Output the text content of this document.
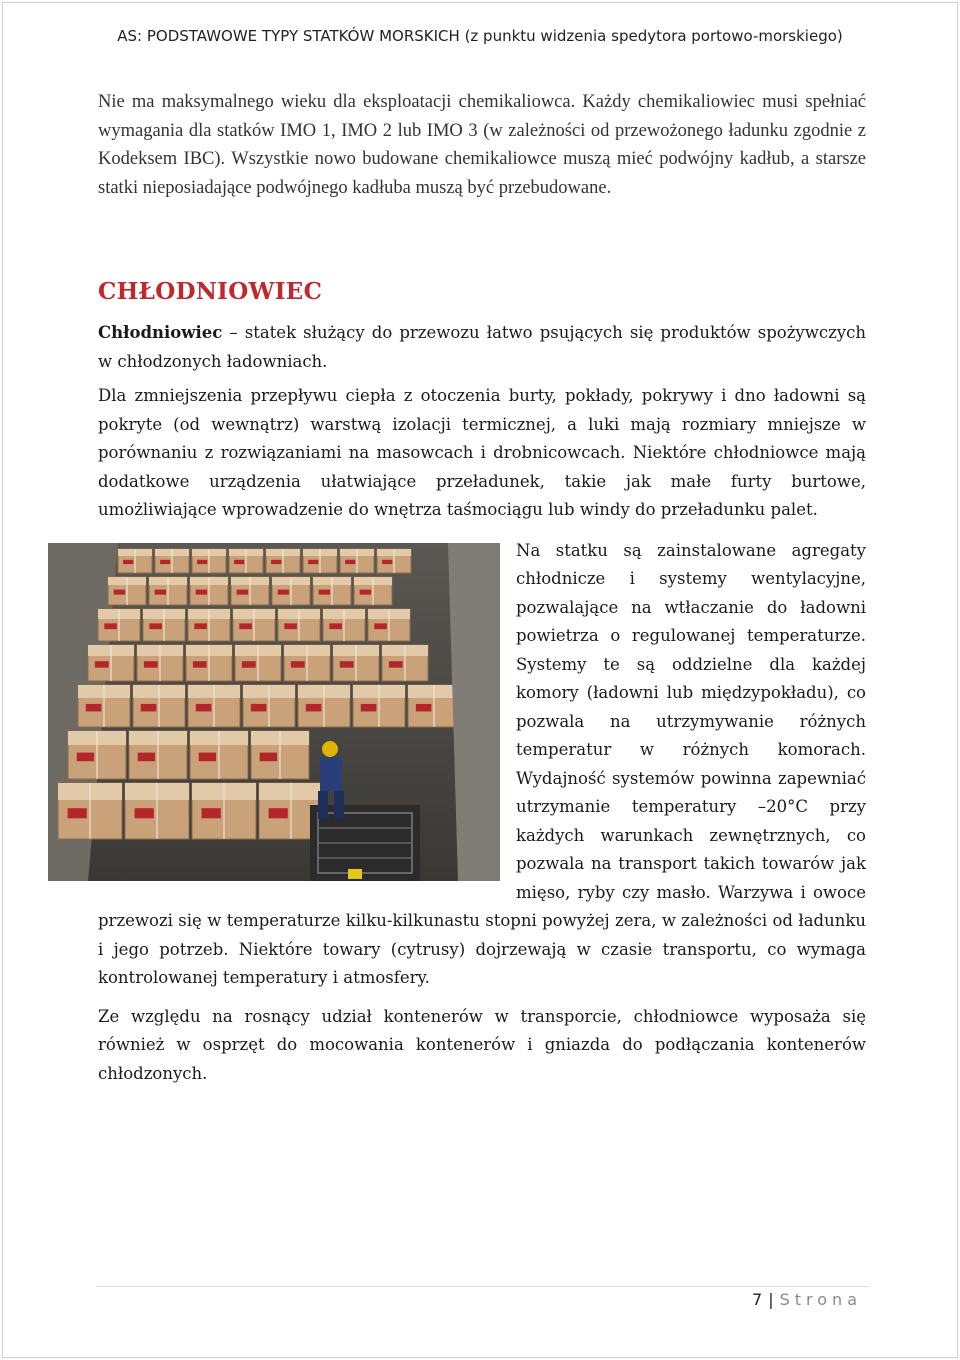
AS: PODSTAWOWE TYPY STATKÓW MORSKICH (z punktu widzenia spedytora portowo-morskiego)

Nie ma maksymalnego wieku dla eksploatacji chemikaliowca. Każdy chemikaliowiec musi spełniać wymagania dla statków IMO 1, IMO 2 lub IMO 3 (w zależności od przewożonego ładunku zgodnie z Kodeksem IBC). Wszystkie nowo budowane chemikaliowce muszą mieć podwójny kadłub, a starsze statki nieposiadające podwójnego kadłuba muszą być przebudowane.

CHŁODNIOWIEC

Chłodniowiec – statek służący do przewozu łatwo psujących się produktów spożywczych w chłodzonych ładowniach.

Dla zmniejszenia przepływu ciepła z otoczenia burty, pokłady, pokrywy i dno ładowni są pokryte (od wewnątrz) warstwą izolacji termicznej, a luki mają rozmiary mniejsze w porównaniu z rozwiązaniami na masowcach i drobnicowcach. Niektóre chłodniowce mają dodatkowe urządzenia ułatwiające przeładunek, takie jak małe furty burtowe, umożliwiające wprowadzenie do wnętrza taśmociągu lub windy do przeładunku palet.

Na statku są zainstalowane agregaty chłodnicze i systemy wentylacyjne, pozwalające na wtłaczanie do ładowni powietrza o regulowanej temperaturze. Systemy te są oddzielne dla każdej komory (ładowni lub międzypokładu), co pozwala na utrzymywanie różnych temperatur w różnych komorach. Wydajność systemów powinna zapewniać utrzymanie temperatury –20°C przy każdych warunkach zewnętrznych, co pozwala na transport takich towarów jak mięso, ryby czy masło. Warzywa i owoce przewozi się w temperaturze kilku-kilkunastu stopni powyżej zera, w zależności od ładunku i jego potrzeb. Niektóre towary (cytrusy) dojrzewają w czasie transportu, co wymaga kontrolowanej temperatury i atmosfery.

Ze względu na rosnący udział kontenerów w transporcie, chłodniowce wyposaża się również w osprzęt do mocowania kontenerów i gniazda do podłączania kontenerów chłodzonych.

7 | Strona
